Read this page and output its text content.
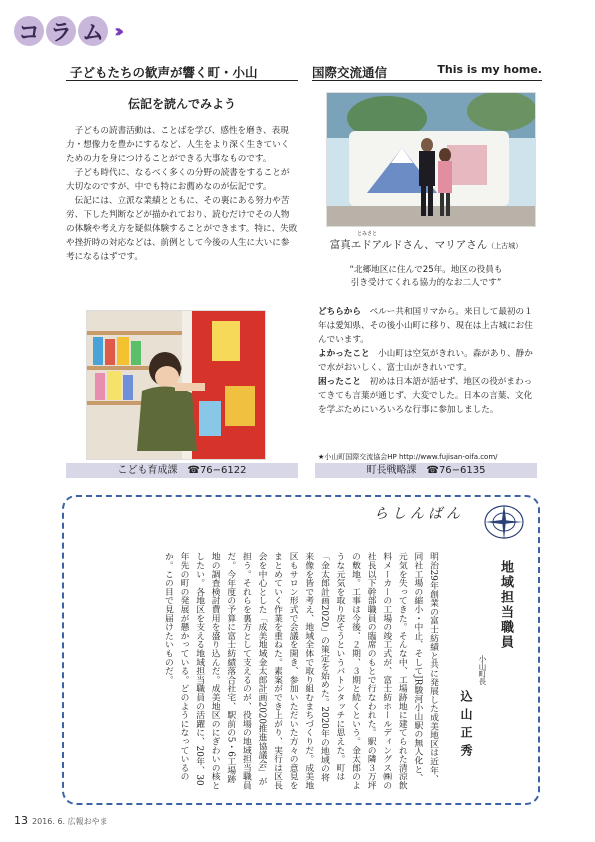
コ ラ ム ›››
子どもたちの歓声が響く町・小山	国際交流通信	This is my home.
伝記を読んでみよう

子どもの読書活動は、ことばを学び、感性を磨き、表現力・想像力を豊かにするなど、人生をより深く生きていくための力を身につけることができる大事なものです。

子ども時代に、なるべく多くの分野の読書をすることが大切なのですが、中でも特にお薦めなのが伝記です。

伝記には、立派な業績とともに、その裏にある努力や苦労、下した判断などが描かれており、読むだけでその人物の体験や考え方を疑似体験することができます。特に、失敗や挫折時の対応などは、前例として今後の人生に大いに参考になるはずです。

こども育成課　☎76−6122
とみさと
富真エドアルドさん、マリアさん（上古城）
“北郷地区に住んで25年。地区の役員も
引き受けてくれる協力的なお二人です”
どちらから　ペルー共和国リマから。来日して最初の１年は愛知県、その後小山町に移り、現在は上古城にお住んでいます。
よかったこと　小山町は空気がきれい。森があり、静かで水がおいしく、富士山がきれいです。
困ったこと　初めは日本語が話せず、地区の役がまわってきても言葉が通じず、大変でした。日本の言葉、文化を学ぶためにいろいろな行事に参加しました。
★小山町国際交流協会HP http://www.fujisan-oifa.com/
町長戦略課　☎76−6135
らしんばん
地域担当職員
小山町長
込山正秀
明治29年創業の富士紡績と共に発展した成美地区は近年、同社工場の縮小・中止、そしてJR駿河小山駅の無人化と、元気を失ってきた。そんな中、工場跡地に建てられた清涼飲料メーカーの工場の竣工式が、富士紡ホールディングス㈱の社長以下幹部職員の臨席のもとで行なわれた。駅の隣３万坪の敷地。工事は今後、２期、３期と続くという。金太郎のような元気を取り戻そうというバトンタッチに思えた。町は「金太郎計画2020」の策定を始めた。2020年の地域の将来像を皆で考え、地域全体で取り組むまちづくりだ。成美地区もサロン形式で会議を開き、参加いただいた方々の意見をまとめていく作業を重ねた。素案ができ上がり、実行は区長会を中心とした「成美地域金太郎計画2020推進協議会」が担う。それらを裏方として支えるのが、役場の地域担当職員だ。今年度の予算に富士紡績落合社宅、駅前の5・6工場跡地の調査検討費用を盛り込んだ。成美地区のにぎわいの核としたい。各地区を支える地域担当職員の活躍に、20年、30年先の町の発展が懸かっている。どのようになっているのか。この目で見届けたいものだ。
13 2016. 6. 広報おやま
